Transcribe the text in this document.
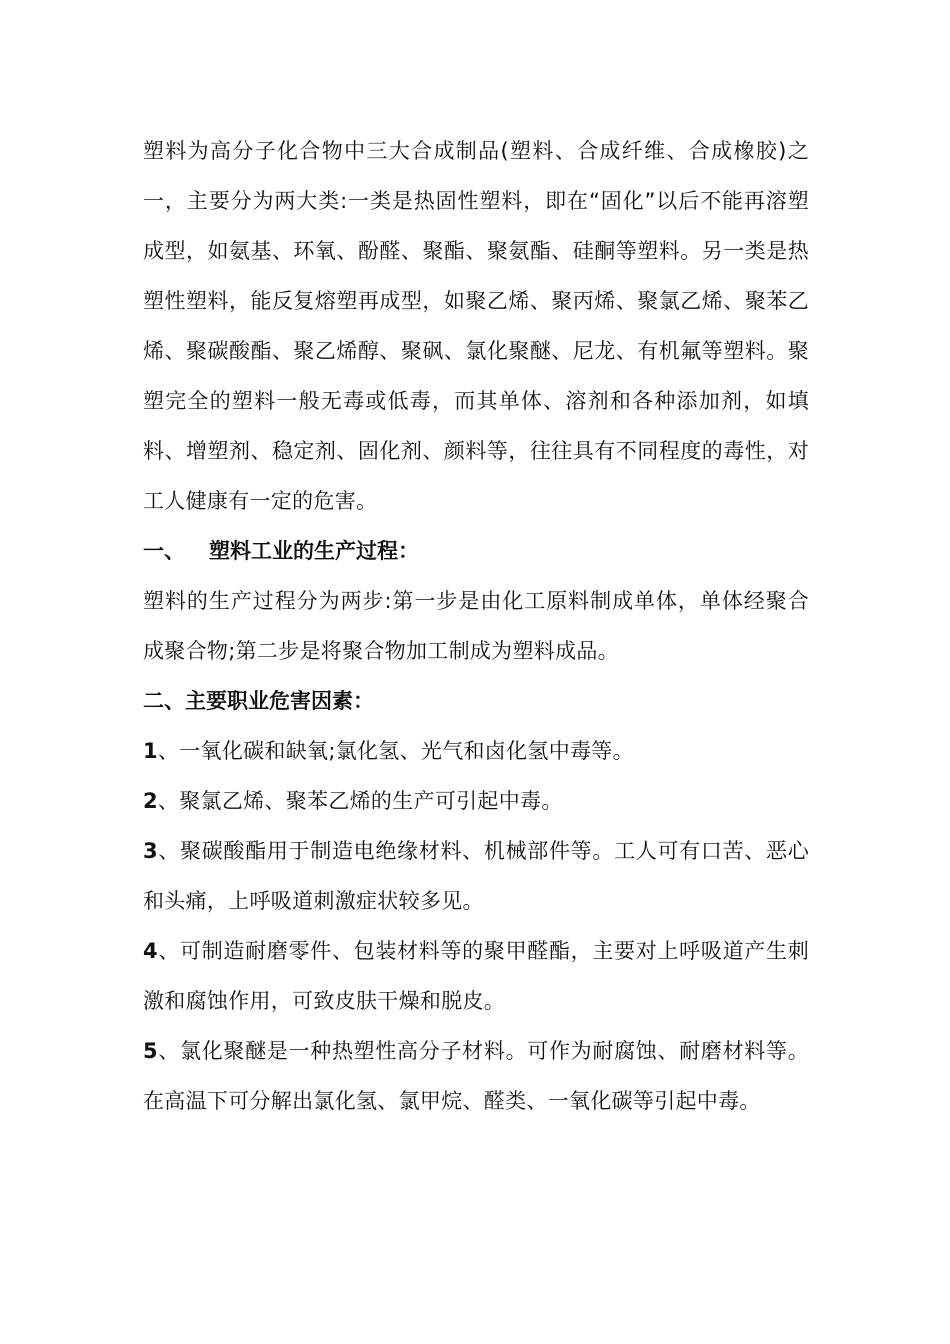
塑料为高分子化合物中三大合成制品(塑料、合成纤维、合成橡胶)之一，主要分为两大类:一类是热固性塑料，即在“固化”以后不能再溶塑成型，如氨基、环氧、酚醛、聚酯、聚氨酯、硅酮等塑料。另一类是热塑性塑料，能反复熔塑再成型，如聚乙烯、聚丙烯、聚氯乙烯、聚苯乙烯、聚碳酸酯、聚乙烯醇、聚砜、氯化聚醚、尼龙、有机氟等塑料。聚塑完全的塑料一般无毒或低毒，而其单体、溶剂和各种添加剂，如填料、增塑剂、稳定剂、固化剂、颜料等，往往具有不同程度的毒性，对工人健康有一定的危害。

一、 塑料工业的生产过程：

塑料的生产过程分为两步:第一步是由化工原料制成单体，单体经聚合成聚合物;第二步是将聚合物加工制成为塑料成品。

二、主要职业危害因素：

1、一氧化碳和缺氧;氯化氢、光气和卤化氢中毒等。

2、聚氯乙烯、聚苯乙烯的生产可引起中毒。

3、聚碳酸酯用于制造电绝缘材料、机械部件等。工人可有口苦、恶心和头痛，上呼吸道刺激症状较多见。

4、可制造耐磨零件、包装材料等的聚甲醛酯，主要对上呼吸道产生刺激和腐蚀作用，可致皮肤干燥和脱皮。

5、氯化聚醚是一种热塑性高分子材料。可作为耐腐蚀、耐磨材料等。在高温下可分解出氯化氢、氯甲烷、醛类、一氧化碳等引起中毒。
